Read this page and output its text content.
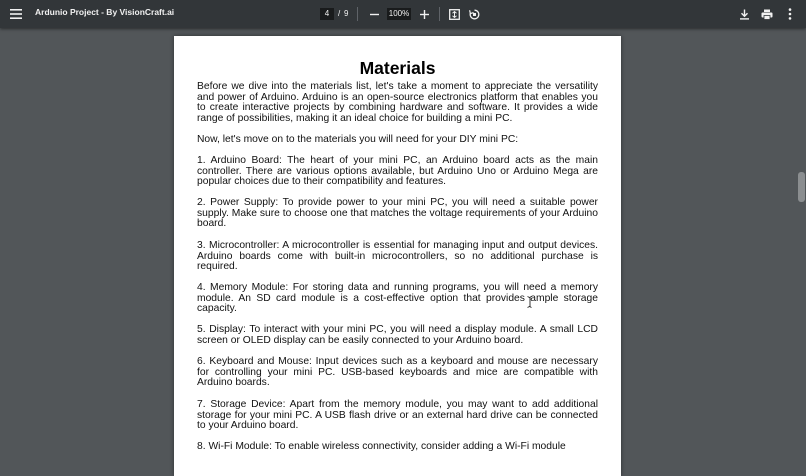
Ardunio Project - By VisionCraft.ai
4	/ 9	100%
Materials

Before we dive into the materials list, let's take a moment to appreciate the versatility and power of Arduino. Arduino is an open-source electronics platform that enables you to create interactive projects by combining hardware and software. It provides a wide range of possibilities, making it an ideal choice for building a mini PC.

Now, let's move on to the materials you will need for your DIY mini PC:

1. Arduino Board: The heart of your mini PC, an Arduino board acts as the main controller. There are various options available, but Arduino Uno or Arduino Mega are popular choices due to their compatibility and features.

2. Power Supply: To provide power to your mini PC, you will need a suitable power supply. Make sure to choose one that matches the voltage requirements of your Arduino board.

3. Microcontroller: A microcontroller is essential for managing input and output devices. Arduino boards come with built-in microcontrollers, so no additional purchase is required.

4. Memory Module: For storing data and running programs, you will need a memory module. An SD card module is a cost-effective option that provides ample storage capacity.

5. Display: To interact with your mini PC, you will need a display module. A small LCD screen or OLED display can be easily connected to your Arduino board.

6. Keyboard and Mouse: Input devices such as a keyboard and mouse are necessary for controlling your mini PC. USB-based keyboards and mice are compatible with Arduino boards.

7. Storage Device: Apart from the memory module, you may want to add additional storage for your mini PC. A USB flash drive or an external hard drive can be connected to your Arduino board.

8. Wi-Fi Module: To enable wireless connectivity, consider adding a Wi-Fi module
